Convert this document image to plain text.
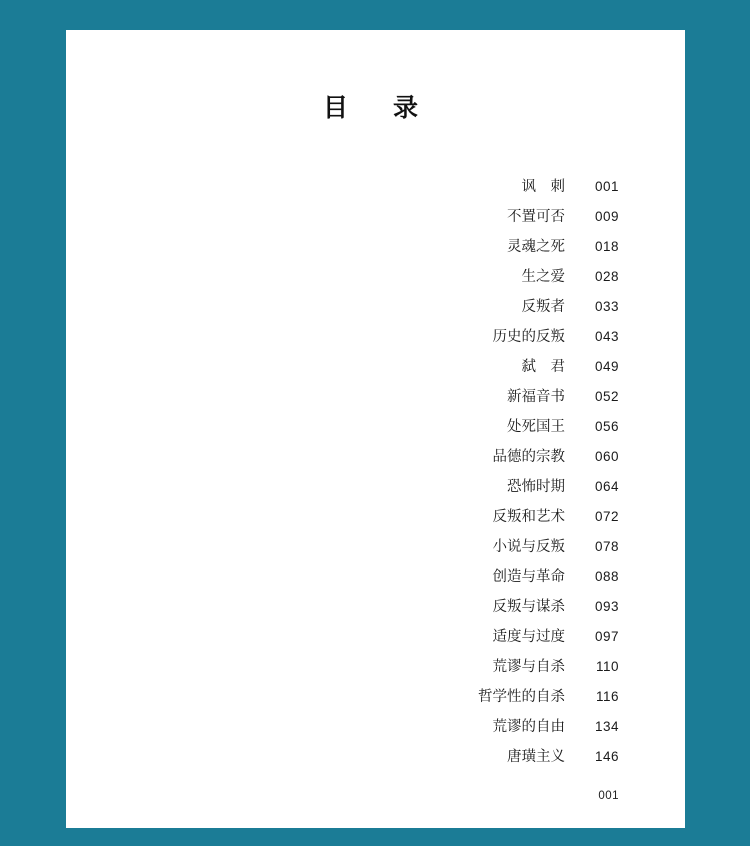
目　录
讽　刺	001
不置可否	009
灵魂之死	018
生之爱	028
反叛者	033
历史的反叛	043
弑　君	049
新福音书	052
处死国王	056
品德的宗教	060
恐怖时期	064
反叛和艺术	072
小说与反叛	078
创造与革命	088
反叛与谋杀	093
适度与过度	097
荒谬与自杀	110
哲学性的自杀	116
荒谬的自由	134
唐璜主义	146
001
